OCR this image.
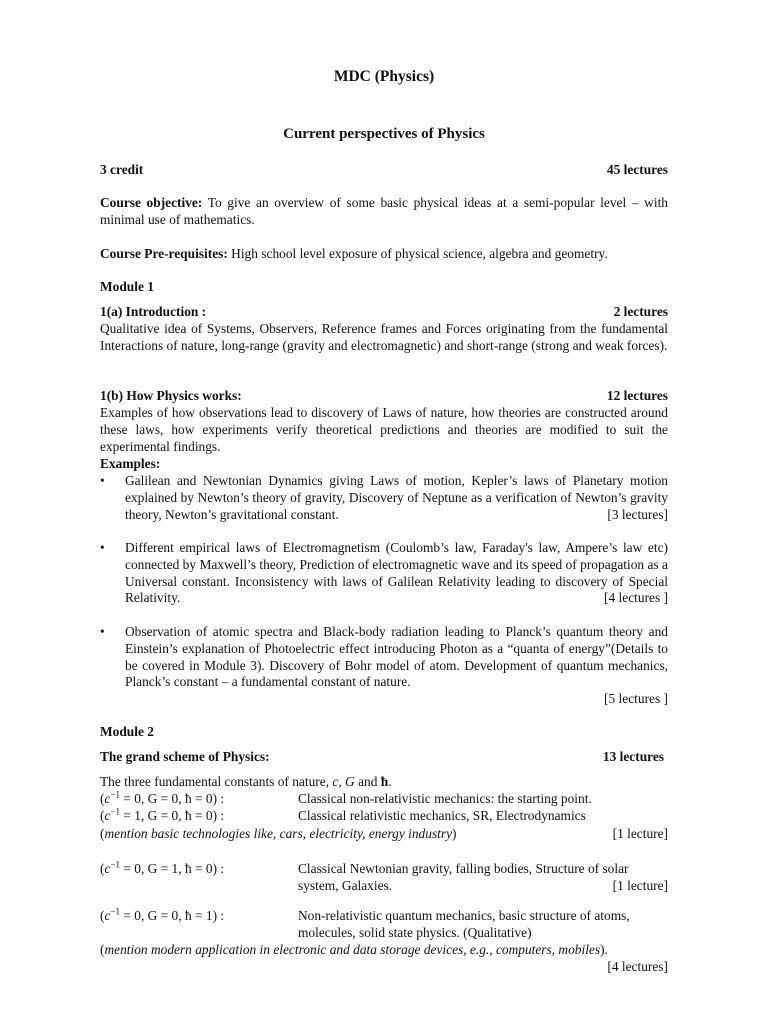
MDC (Physics)
Current perspectives of Physics
3 credit	45 lectures
Course objective: To give an overview of some basic physical ideas at a semi-popular level – with minimal use of mathematics.
Course Pre-requisites: High school level exposure of physical science, algebra and geometry.
Module 1
1(a) Introduction :	2 lectures
Qualitative idea of Systems, Observers, Reference frames and Forces originating from the fundamental Interactions of nature, long-range (gravity and electromagnetic) and short-range (strong and weak forces).
1(b) How Physics works:	12 lectures
Examples of how observations lead to discovery of Laws of nature, how theories are constructed around these laws, how experiments verify theoretical predictions and theories are modified to suit the experimental findings.
Examples:
•	Galilean and Newtonian Dynamics giving Laws of motion, Kepler’s laws of Planetary motion explained by Newton’s theory of gravity, Discovery of Neptune as a verification of Newton’s gravity theory, Newton’s gravitational constant.	[3 lectures]
•	Different empirical laws of Electromagnetism (Coulomb’s law, Faraday's law, Ampere’s law etc) connected by Maxwell’s theory, Prediction of electromagnetic wave and its speed of propagation as a Universal constant. Inconsistency with laws of Galilean Relativity leading to discovery of Special Relativity.	[4 lectures ]
•	Observation of atomic spectra and Black-body radiation leading to Planck’s quantum theory and Einstein’s explanation of Photoelectric effect introducing Photon as a “quanta of energy”(Details to be covered in Module 3). Discovery of Bohr model of atom. Development of quantum mechanics, Planck’s constant – a fundamental constant of nature.
[5 lectures ]
Module 2
The grand scheme of Physics:	13 lectures
The three fundamental constants of nature, c, G and ħ.
($c^{-1} = 0$, G = 0, ħ = 0) :	Classical non-relativistic mechanics: the starting point.
($c^{-1} = 1$, G = 0, ħ = 0) :	Classical relativistic mechanics, SR, Electrodynamics
(mention basic technologies like, cars, electricity, energy industry)	[1 lecture]
($c^{-1} = 0$, G = 1, ħ = 0) :	Classical Newtonian gravity, falling bodies, Structure of solar system, Galaxies.	[1 lecture]
($c^{-1} = 0$, G = 0, ħ = 1) :	Non-relativistic quantum mechanics, basic structure of atoms, molecules, solid state physics. (Qualitative)
(mention modern application in electronic and data storage devices, e.g., computers, mobiles).
[4 lectures]
